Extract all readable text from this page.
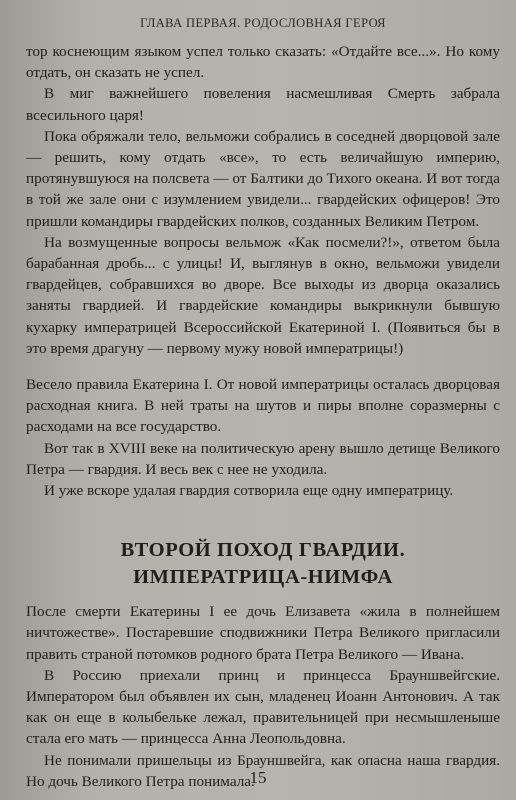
ГЛАВА ПЕРВАЯ. РОДОСЛОВНАЯ ГЕРОЯ

тор коснеющим языком успел только сказать: «Отдайте все...». Но кому отдать, он сказать не успел.

В миг важнейшего повеления насмешливая Смерть забрала всесильного царя!

Пока обряжали тело, вельможи собрались в соседней дворцовой зале — решить, кому отдать «все», то есть величайшую империю, протянувшуюся на полсвета — от Балтики до Тихого океана. И вот тогда в той же зале они с изумлением увидели... гвардейских офицеров! Это пришли командиры гвардейских полков, созданных Великим Петром.

На возмущенные вопросы вельмож «Как посмели?!», ответом была барабанная дробь... с улицы! И, выглянув в окно, вельможи увидели гвардейцев, собравшихся во дворе. Все выходы из дворца оказались заняты гвардией. И гвардейские командиры выкрикнули бывшую кухарку императрицей Всероссийской Екатериной I. (Появиться бы в это время драгуну — первому мужу новой императрицы!)

Весело правила Екатерина I. От новой императрицы осталась дворцовая расходная книга. В ней траты на шутов и пиры вполне соразмерны с расходами на все государство.

Вот так в XVIII веке на политическую арену вышло детище Великого Петра — гвардия. И весь век с нее не уходила.

И уже вскоре удалая гвардия сотворила еще одну императрицу.

ВТОРОЙ ПОХОД ГВАРДИИ.
ИМПЕРАТРИЦА-НИМФА

После смерти Екатерины I ее дочь Елизавета «жила в полнейшем ничтожестве». Постаревшие сподвижники Петра Великого пригласили править страной потомков родного брата Петра Великого — Ивана.

В Россию приехали принц и принцесса Брауншвейгские. Императором был объявлен их сын, младенец Иоанн Антонович. А так как он еще в колыбельке лежал, правительницей при несмышленыше стала его мать — принцесса Анна Леопольдовна.

Не понимали пришельцы из Брауншвейга, как опасна наша гвардия. Но дочь Великого Петра понимала.

15
